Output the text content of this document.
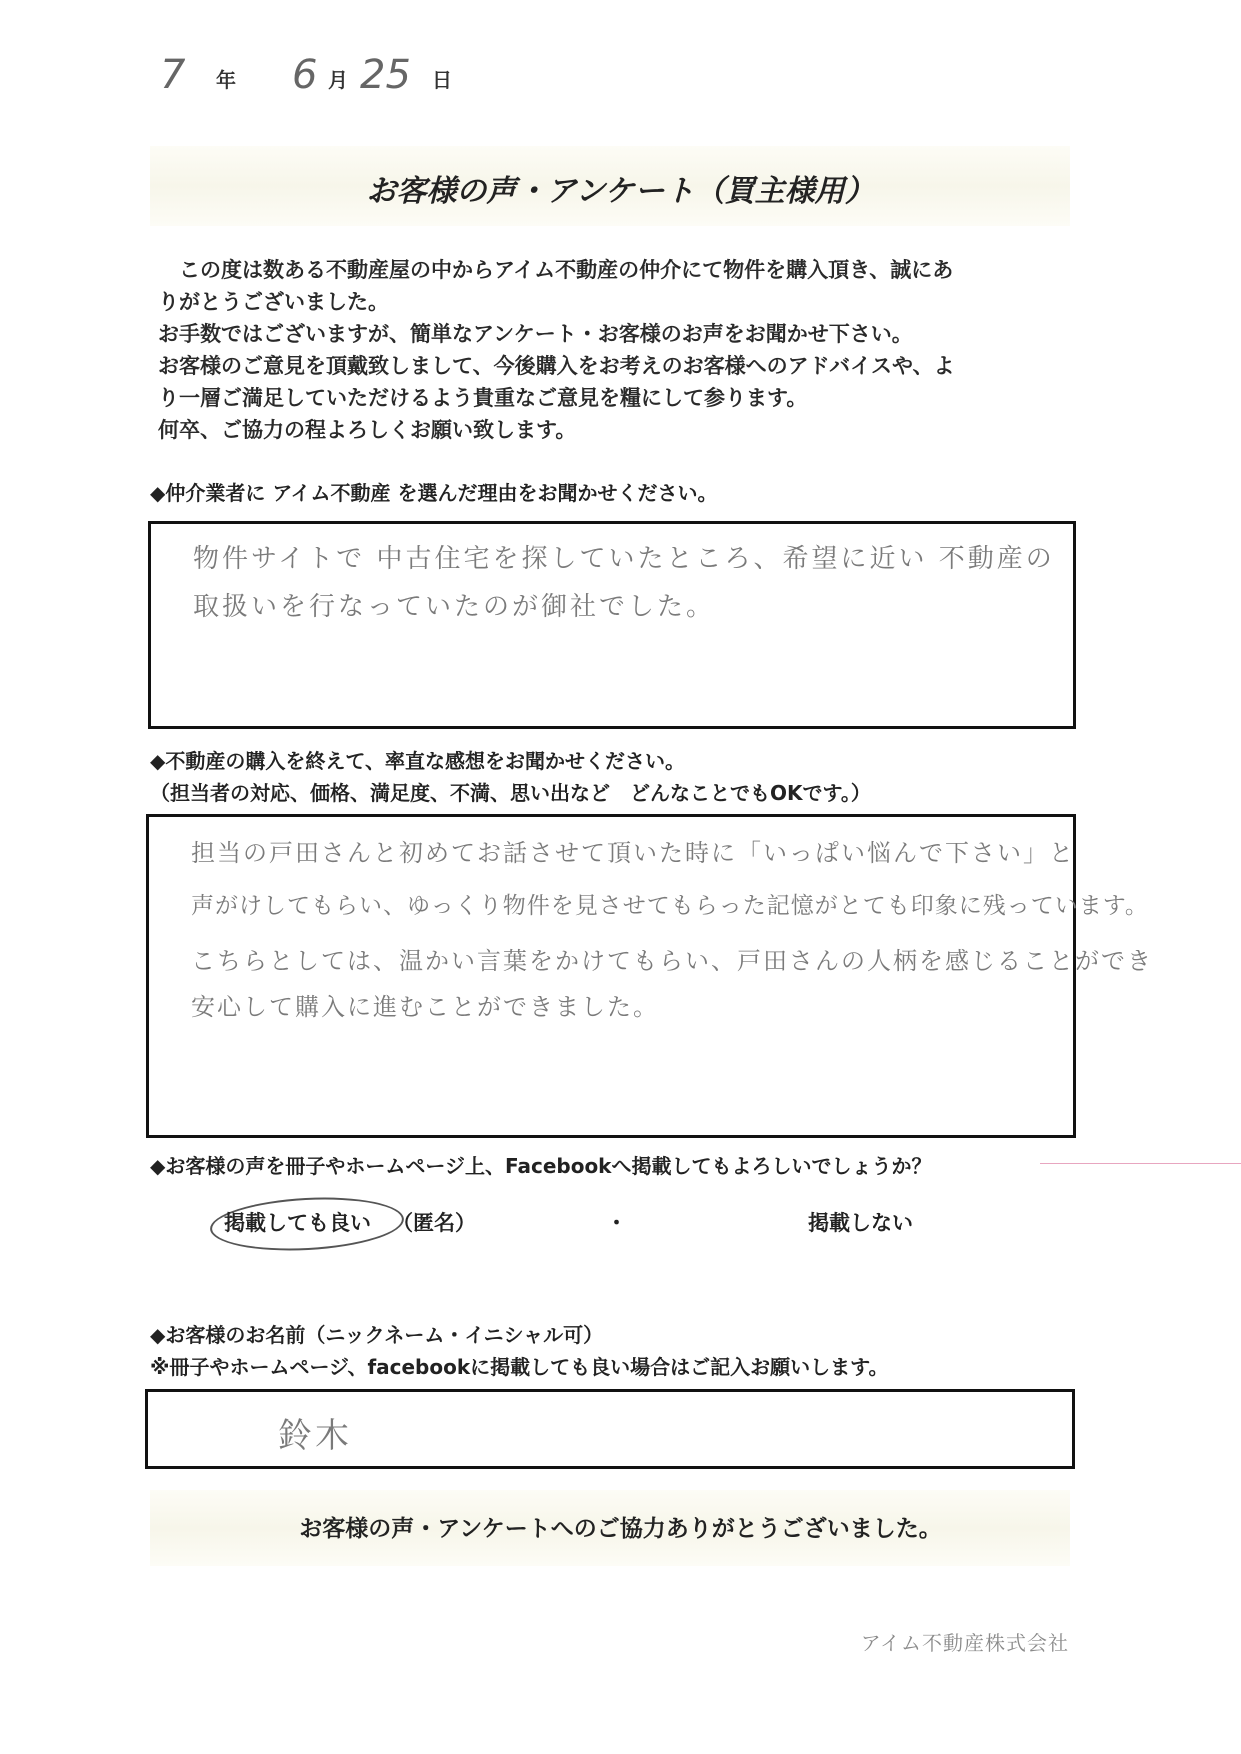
7 年 6 月 25 日
お客様の声・アンケート（買主様用）

　この度は数ある不動産屋の中からアイム不動産の仲介にて物件を購入頂き、誠にあ

りがとうございました。

お手数ではございますが、簡単なアンケート・お客様のお声をお聞かせ下さい。

お客様のご意見を頂戴致しまして、今後購入をお考えのお客様へのアドバイスや、よ

り一層ご満足していただけるよう貴重なご意見を糧にして参ります。

何卒、ご協力の程よろしくお願い致します。

◆仲介業者に アイム不動産 を選んだ理由をお聞かせください。
物件サイトで 中古住宅を探していたところ、希望に近い 不動産の
取扱いを行なっていたのが御社でした。
◆不動産の購入を終えて、率直な感想をお聞かせください。
（担当者の対応、価格、満足度、不満、思い出など　どんなことでもOKです。）
担当の戸田さんと初めてお話させて頂いた時に「いっぱい悩んで下さい」と
声がけしてもらい、ゆっくり物件を見させてもらった記憶がとても印象に残っています。
こちらとしては、温かい言葉をかけてもらい、戸田さんの人柄を感じることができ
安心して購入に進むことができました。
◆お客様の声を冊子やホームページ上、Facebookへ掲載してもよろしいでしょうか？
掲載しても良い （匿名）	・	掲載しない
◆お客様のお名前（ニックネーム・イニシャル可）
※冊子やホームページ、facebookに掲載しても良い場合はご記入お願いします。
鈴木
お客様の声・アンケートへのご協力ありがとうございました。
アイム不動産株式会社
